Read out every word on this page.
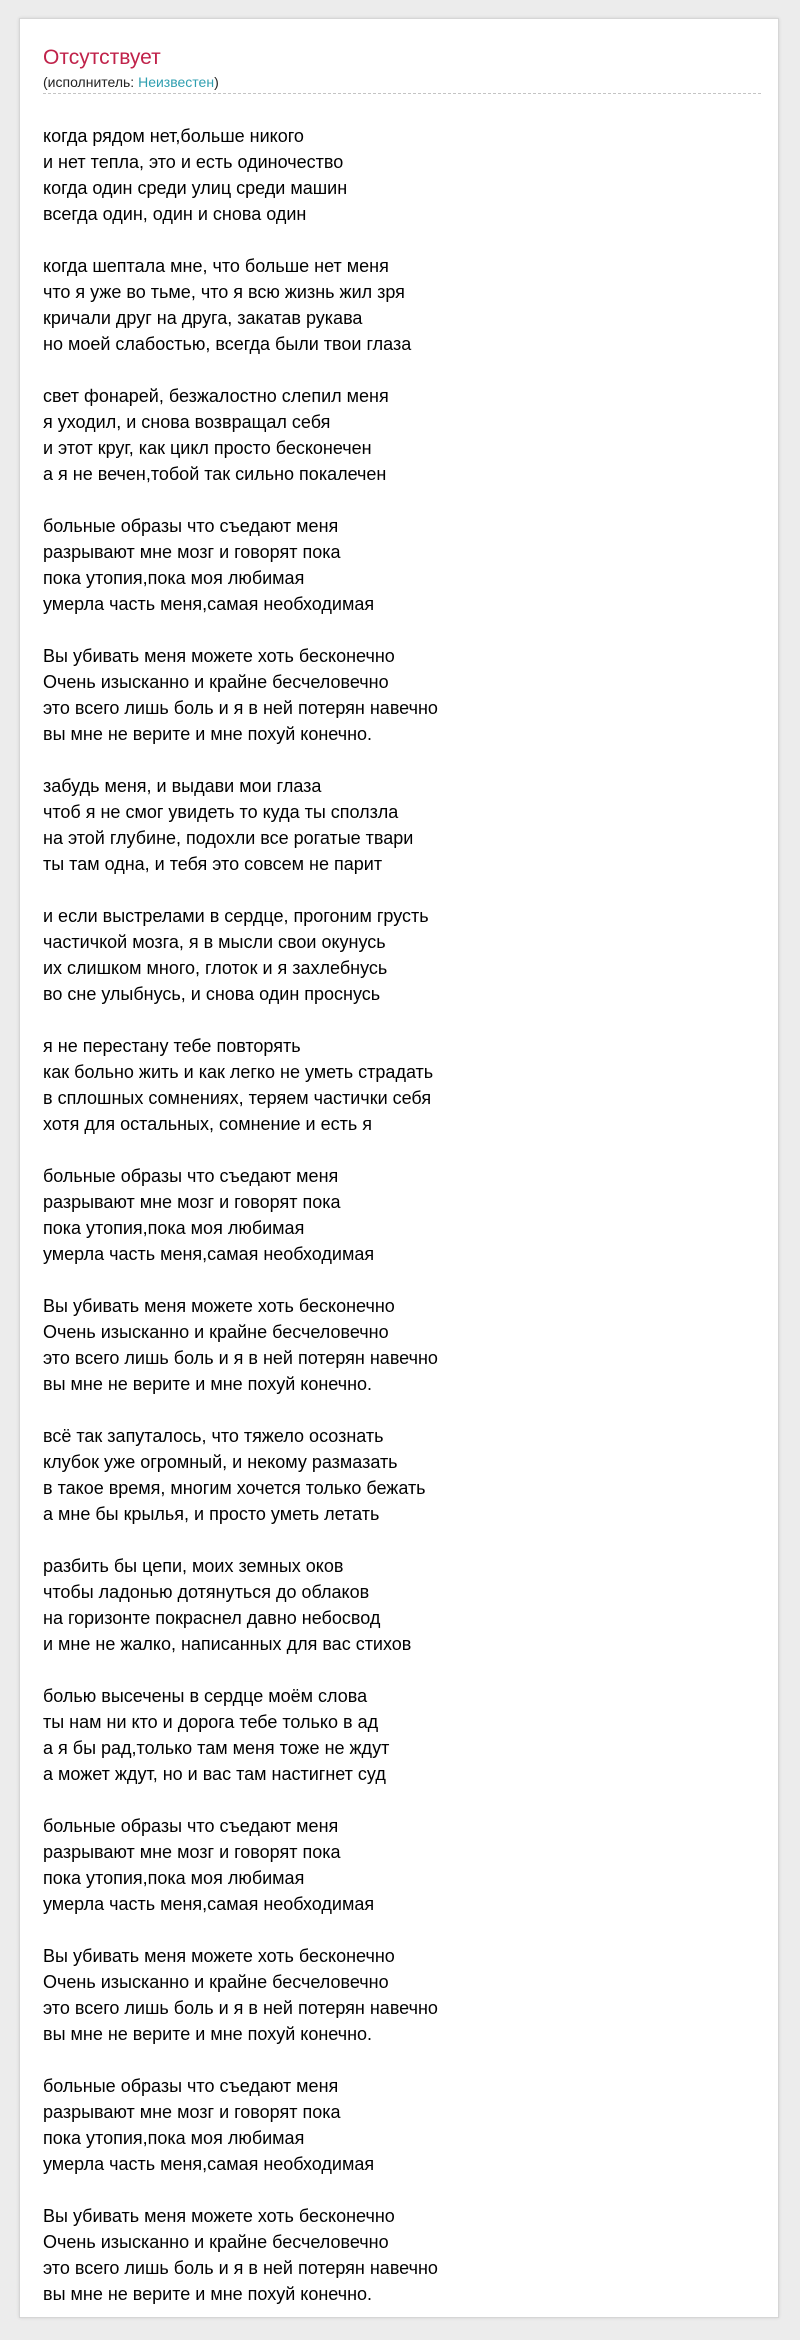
Отсутствует
(исполнитель: Неизвестен)
когда рядом нет,больше никого
и нет тепла, это и есть одиночество
когда один среди улиц среди машин
всегда один, один и снова один
когда шептала мне, что больше нет меня
что я уже во тьме, что я всю жизнь жил зря
кричали друг на друга, закатав рукава
но моей слабостью, всегда были твои глаза
свет фонарей, безжалостно слепил меня
я уходил, и снова возвращал себя
и этот круг, как цикл просто бесконечен
а я не вечен,тобой так сильно покалечен
больные образы что съедают меня
разрывают мне мозг и говорят пока
пока утопия,пока моя любимая
умерла часть меня,самая необходимая
Вы убивать меня можете хоть бесконечно
Очень изысканно и крайне бесчеловечно
это всего лишь боль и я в ней потерян навечно
вы мне не верите и мне похуй конечно.
забудь меня, и выдави мои глаза
чтоб я не смог увидеть то куда ты сползла
на этой глубине, подохли все рогатые твари
ты там одна, и тебя это совсем не парит
и если выстрелами в сердце, прогоним грусть
частичкой мозга, я в мысли свои окунусь
их слишком много, глоток и я захлебнусь
во сне улыбнусь, и снова один проснусь
я не перестану тебе повторять
как больно жить и как легко не уметь страдать
в сплошных сомнениях, теряем частички себя
хотя для остальных, сомнение и есть я
больные образы что съедают меня
разрывают мне мозг и говорят пока
пока утопия,пока моя любимая
умерла часть меня,самая необходимая
Вы убивать меня можете хоть бесконечно
Очень изысканно и крайне бесчеловечно
это всего лишь боль и я в ней потерян навечно
вы мне не верите и мне похуй конечно.
всё так запуталось, что тяжело осознать
клубок уже огромный, и некому размазать
в такое время, многим хочется только бежать
а мне бы крылья, и просто уметь летать
разбить бы цепи, моих земных оков
чтобы ладонью дотянуться до облаков
на горизонте покраснел давно небосвод
и мне не жалко, написанных для вас стихов
болью высечены в сердце моём слова
ты нам ни кто и дорога тебе только в ад
а я бы рад,только там меня тоже не ждут
а может ждут, но и вас там настигнет суд
больные образы что съедают меня
разрывают мне мозг и говорят пока
пока утопия,пока моя любимая
умерла часть меня,самая необходимая
Вы убивать меня можете хоть бесконечно
Очень изысканно и крайне бесчеловечно
это всего лишь боль и я в ней потерян навечно
вы мне не верите и мне похуй конечно.
больные образы что съедают меня
разрывают мне мозг и говорят пока
пока утопия,пока моя любимая
умерла часть меня,самая необходимая
Вы убивать меня можете хоть бесконечно
Очень изысканно и крайне бесчеловечно
это всего лишь боль и я в ней потерян навечно
вы мне не верите и мне похуй конечно.
